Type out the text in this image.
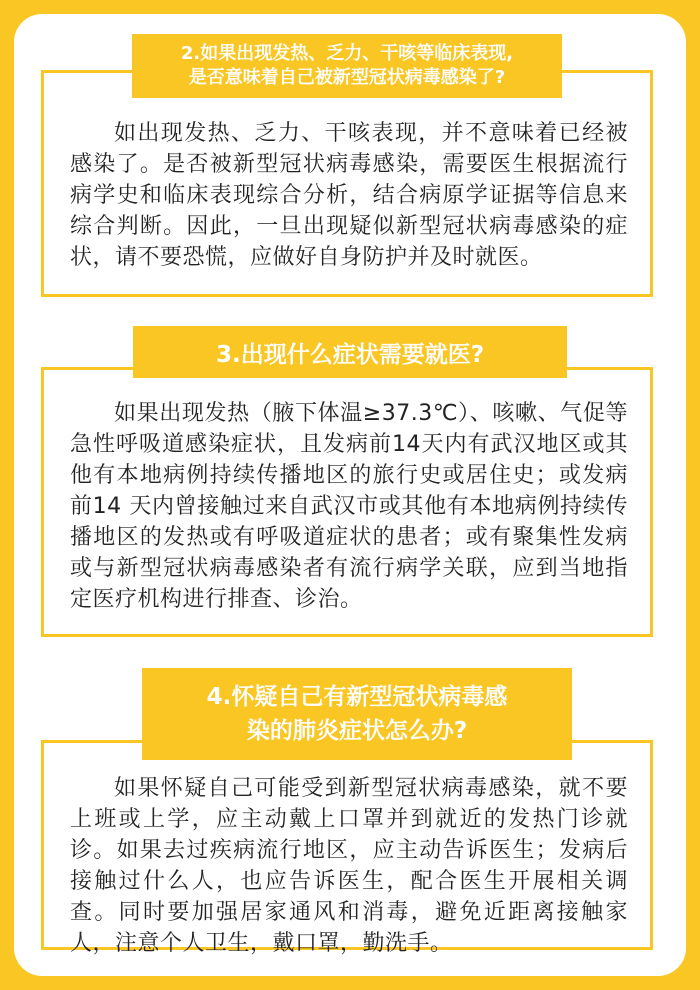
如出现发热、乏力、干咳表现，并不意味着已经被感染了。是否被新型冠状病毒感染，需要医生根据流行病学史和临床表现综合分析，结合病原学证据等信息来综合判断。因此，一旦出现疑似新型冠状病毒感染的症状，请不要恐慌，应做好自身防护并及时就医。

2.如果出现发热、乏力、干咳等临床表现,
是否意味着自己被新型冠状病毒感染了?

如果出现发热（腋下体温≥37.3℃）、咳嗽、气促等急性呼吸道感染症状，且发病前14天内有武汉地区或其他有本地病例持续传播地区的旅行史或居住史；或发病前14 天内曾接触过来自武汉市或其他有本地病例持续传播地区的发热或有呼吸道症状的患者；或有聚集性发病或与新型冠状病毒感染者有流行病学关联，应到当地指定医疗机构进行排查、诊治。

3.出现什么症状需要就医?

如果怀疑自己可能受到新型冠状病毒感染，就不要上班或上学，应主动戴上口罩并到就近的发热门诊就诊。如果去过疾病流行地区，应主动告诉医生；发病后接触过什么人，也应告诉医生，配合医生开展相关调查。同时要加强居家通风和消毒，避免近距离接触家人，注意个人卫生，戴口罩，勤洗手。

4.怀疑自己有新型冠状病毒感
染的肺炎症状怎么办?
